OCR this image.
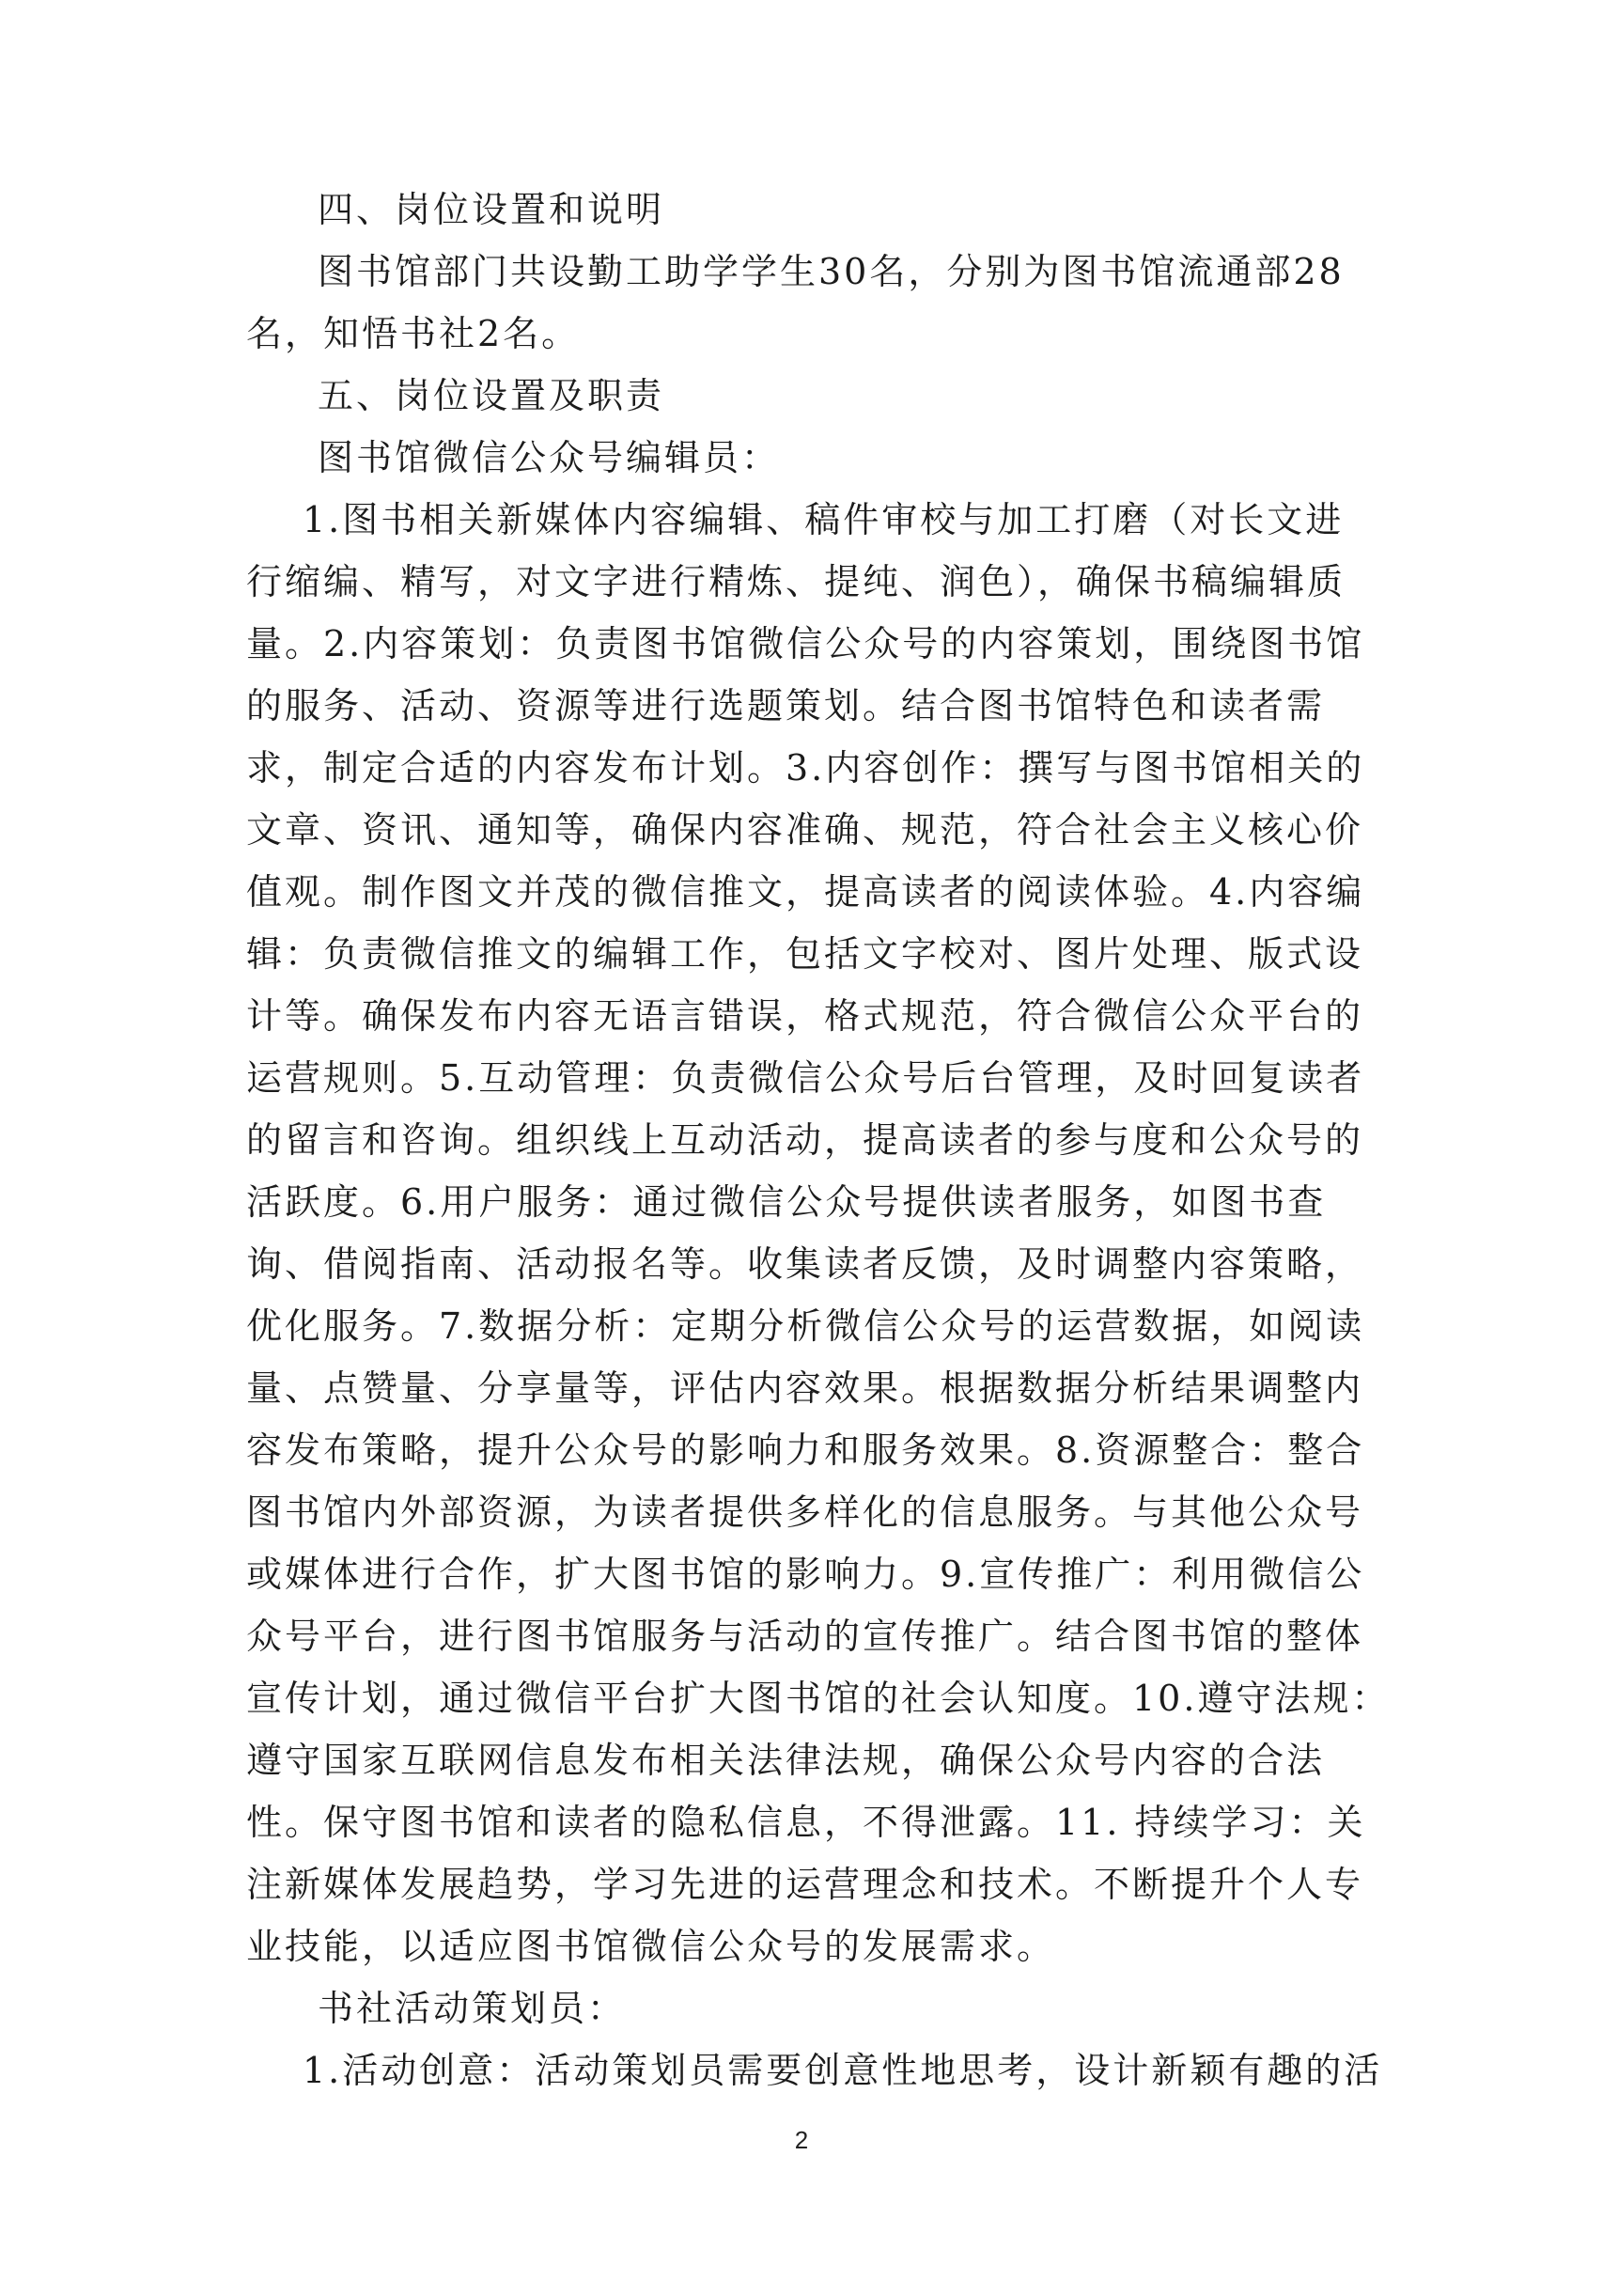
四、岗位设置和说明
图书馆部门共设勤工助学学生30名，分别为图书馆流通部28
名，知悟书社2名。
五、岗位设置及职责
图书馆微信公众号编辑员：
1.图书相关新媒体内容编辑、稿件审校与加工打磨（对长文进
行缩编、精写，对文字进行精炼、提纯、润色），确保书稿编辑质
量。2.内容策划：负责图书馆微信公众号的内容策划，围绕图书馆
的服务、活动、资源等进行选题策划。结合图书馆特色和读者需
求，制定合适的内容发布计划。3.内容创作：撰写与图书馆相关的
文章、资讯、通知等，确保内容准确、规范，符合社会主义核心价
值观。制作图文并茂的微信推文，提高读者的阅读体验。4.内容编
辑：负责微信推文的编辑工作，包括文字校对、图片处理、版式设
计等。确保发布内容无语言错误，格式规范，符合微信公众平台的
运营规则。5.互动管理：负责微信公众号后台管理，及时回复读者
的留言和咨询。组织线上互动活动，提高读者的参与度和公众号的
活跃度。6.用户服务：通过微信公众号提供读者服务，如图书查
询、借阅指南、活动报名等。收集读者反馈，及时调整内容策略，
优化服务。7.数据分析：定期分析微信公众号的运营数据，如阅读
量、点赞量、分享量等，评估内容效果。根据数据分析结果调整内
容发布策略，提升公众号的影响力和服务效果。8.资源整合：整合
图书馆内外部资源，为读者提供多样化的信息服务。与其他公众号
或媒体进行合作，扩大图书馆的影响力。9.宣传推广：利用微信公
众号平台，进行图书馆服务与活动的宣传推广。结合图书馆的整体
宣传计划，通过微信平台扩大图书馆的社会认知度。10.遵守法规：
遵守国家互联网信息发布相关法律法规，确保公众号内容的合法
性。保守图书馆和读者的隐私信息，不得泄露。11. 持续学习：关
注新媒体发展趋势，学习先进的运营理念和技术。不断提升个人专
业技能，以适应图书馆微信公众号的发展需求。
书社活动策划员：
1.活动创意：活动策划员需要创意性地思考，设计新颖有趣的活
2
